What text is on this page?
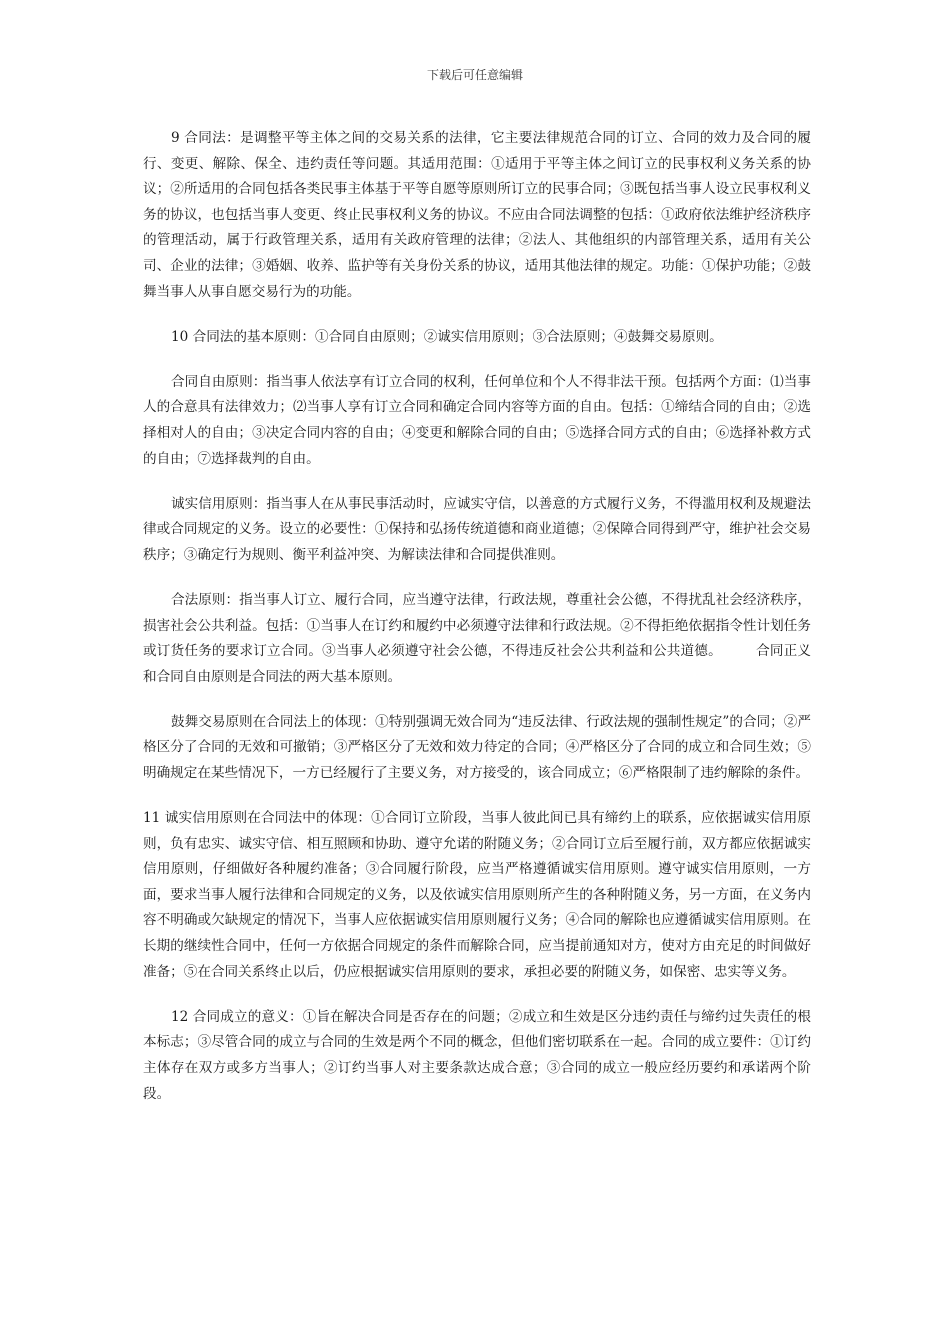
下载后可任意编辑

9 合同法：是调整平等主体之间的交易关系的法律，它主要法律规范合同的订立、合同的效力及合同的履行、变更、解除、保全、违约责任等问题。其适用范围：①适用于平等主体之间订立的民事权利义务关系的协议；②所适用的合同包括各类民事主体基于平等自愿等原则所订立的民事合同；③既包括当事人设立民事权利义务的协议，也包括当事人变更、终止民事权利义务的协议。不应由合同法调整的包括：①政府依法维护经济秩序的管理活动，属于行政管理关系，适用有关政府管理的法律；②法人、其他组织的内部管理关系，适用有关公司、企业的法律；③婚姻、收养、监护等有关身份关系的协议，适用其他法律的规定。功能：①保护功能；②鼓舞当事人从事自愿交易行为的功能。

10 合同法的基本原则：①合同自由原则；②诚实信用原则；③合法原则；④鼓舞交易原则。

合同自由原则：指当事人依法享有订立合同的权利，任何单位和个人不得非法干预。包括两个方面：⑴当事人的合意具有法律效力；⑵当事人享有订立合同和确定合同内容等方面的自由。包括：①缔结合同的自由；②选择相对人的自由；③决定合同内容的自由；④变更和解除合同的自由；⑤选择合同方式的自由；⑥选择补救方式的自由；⑦选择裁判的自由。

诚实信用原则：指当事人在从事民事活动时，应诚实守信，以善意的方式履行义务，不得滥用权利及规避法律或合同规定的义务。设立的必要性：①保持和弘扬传统道德和商业道德；②保障合同得到严守，维护社会交易秩序；③确定行为规则、衡平利益冲突、为解读法律和合同提供准则。

合法原则：指当事人订立、履行合同，应当遵守法律，行政法规，尊重社会公德，不得扰乱社会经济秩序，损害社会公共利益。包括：①当事人在订约和履约中必须遵守法律和行政法规。②不得拒绝依据指令性计划任务或订货任务的要求订立合同。③当事人必须遵守社会公德，不得违反社会公共利益和公共道德。	合同正义和合同自由原则是合同法的两大基本原则。

鼓舞交易原则在合同法上的体现：①特别强调无效合同为“违反法律、行政法规的强制性规定”的合同；②严格区分了合同的无效和可撤销；③严格区分了无效和效力待定的合同；④严格区分了合同的成立和合同生效；⑤明确规定在某些情况下，一方已经履行了主要义务，对方接受的，该合同成立；⑥严格限制了违约解除的条件。

11 诚实信用原则在合同法中的体现：①合同订立阶段，当事人彼此间已具有缔约上的联系，应依据诚实信用原则，负有忠实、诚实守信、相互照顾和协助、遵守允诺的附随义务；②合同订立后至履行前，双方都应依据诚实信用原则，仔细做好各种履约准备；③合同履行阶段，应当严格遵循诚实信用原则。遵守诚实信用原则，一方面，要求当事人履行法律和合同规定的义务，以及依诚实信用原则所产生的各种附随义务，另一方面，在义务内容不明确或欠缺规定的情况下，当事人应依据诚实信用原则履行义务；④合同的解除也应遵循诚实信用原则。在长期的继续性合同中，任何一方依据合同规定的条件而解除合同，应当提前通知对方，使对方由充足的时间做好准备；⑤在合同关系终止以后，仍应根据诚实信用原则的要求，承担必要的附随义务，如保密、忠实等义务。

12 合同成立的意义：①旨在解决合同是否存在的问题；②成立和生效是区分违约责任与缔约过失责任的根本标志；③尽管合同的成立与合同的生效是两个不同的概念，但他们密切联系在一起。合同的成立要件：①订约主体存在双方或多方当事人；②订约当事人对主要条款达成合意；③合同的成立一般应经历要约和承诺两个阶段。
